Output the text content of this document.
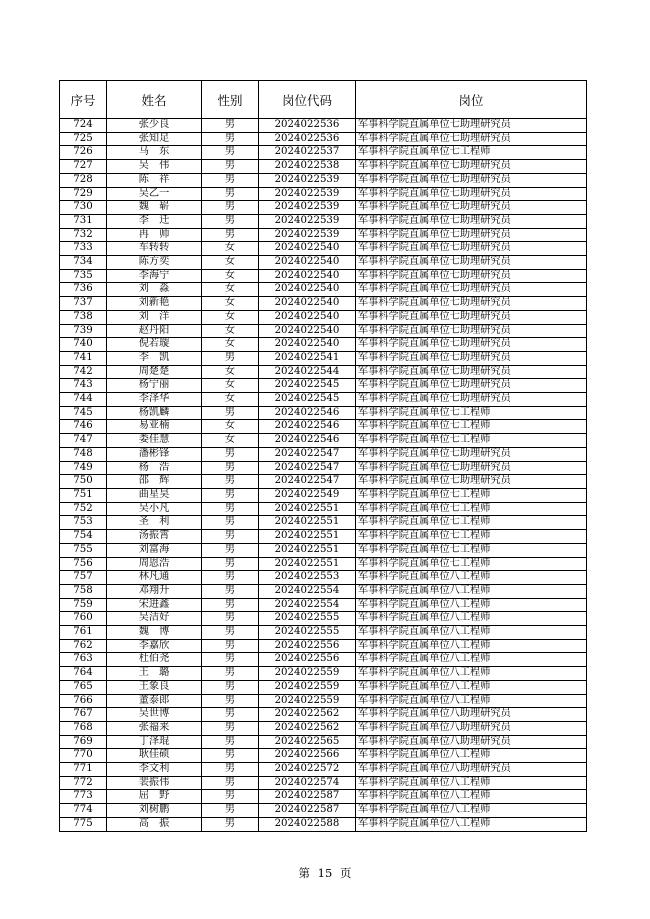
序号	姓名	性别	岗位代码	岗位
724	张少良	男	2024022536	军事科学院直属单位七助理研究员
725	张知足	男	2024022536	军事科学院直属单位七助理研究员
726	马　东	男	2024022537	军事科学院直属单位七工程师
727	吴　伟	男	2024022538	军事科学院直属单位七助理研究员
728	陈　祥	男	2024022539	军事科学院直属单位七助理研究员
729	吴乙一	男	2024022539	军事科学院直属单位七助理研究员
730	魏　崭	男	2024022539	军事科学院直属单位七助理研究员
731	李　迁	男	2024022539	军事科学院直属单位七助理研究员
732	冉　帅	男	2024022539	军事科学院直属单位七助理研究员
733	车转转	女	2024022540	军事科学院直属单位七助理研究员
734	陈方奕	女	2024022540	军事科学院直属单位七助理研究员
735	李海宁	女	2024022540	军事科学院直属单位七助理研究员
736	刘　淼	女	2024022540	军事科学院直属单位七助理研究员
737	刘新艳	女	2024022540	军事科学院直属单位七助理研究员
738	刘　洋	女	2024022540	军事科学院直属单位七助理研究员
739	赵丹阳	女	2024022540	军事科学院直属单位七助理研究员
740	倪若璇	女	2024022540	军事科学院直属单位七助理研究员
741	李　凯	男	2024022541	军事科学院直属单位七助理研究员
742	周楚楚	女	2024022544	军事科学院直属单位七助理研究员
743	杨宁丽	女	2024022545	军事科学院直属单位七助理研究员
744	李泽华	女	2024022545	军事科学院直属单位七助理研究员
745	杨凯麟	男	2024022546	军事科学院直属单位七工程师
746	易亚楠	女	2024022546	军事科学院直属单位七工程师
747	娄佳慧	女	2024022546	军事科学院直属单位七工程师
748	潘彬锋	男	2024022547	军事科学院直属单位七助理研究员
749	杨　浩	男	2024022547	军事科学院直属单位七助理研究员
750	邵　辉	男	2024022547	军事科学院直属单位七助理研究员
751	曲星昊	男	2024022549	军事科学院直属单位七工程师
752	吴小凡	男	2024022551	军事科学院直属单位七工程师
753	圣　利	男	2024022551	军事科学院直属单位七工程师
754	汤振霄	男	2024022551	军事科学院直属单位七工程师
755	刘富海	男	2024022551	军事科学院直属单位七工程师
756	周恩浩	男	2024022551	军事科学院直属单位七工程师
757	林凡通	男	2024022553	军事科学院直属单位八工程师
758	邓翔升	男	2024022554	军事科学院直属单位八工程师
759	宋进鑫	男	2024022554	军事科学院直属单位八工程师
760	吴洁好	男	2024022555	军事科学院直属单位八工程师
761	魏　博	男	2024022555	军事科学院直属单位八工程师
762	李嘉欣	男	2024022556	军事科学院直属单位八工程师
763	杜伯尧	男	2024022556	军事科学院直属单位八工程师
764	王　璐	男	2024022559	军事科学院直属单位八工程师
765	王象良	男	2024022559	军事科学院直属单位八工程师
766	董泰郎	男	2024022559	军事科学院直属单位八工程师
767	吴世博	男	2024022562	军事科学院直属单位八助理研究员
768	张福来	男	2024022562	军事科学院直属单位八助理研究员
769	丁泽琨	男	2024022565	军事科学院直属单位八助理研究员
770	耿佳硕	男	2024022566	军事科学院直属单位八工程师
771	李文利	男	2024022572	军事科学院直属单位八助理研究员
772	裴振伟	男	2024022574	军事科学院直属单位八工程师
773	屈　野	男	2024022587	军事科学院直属单位八工程师
774	刘树鹏	男	2024022587	军事科学院直属单位八工程师
775	高　振	男	2024022588	军事科学院直属单位八工程师
第 15 页
